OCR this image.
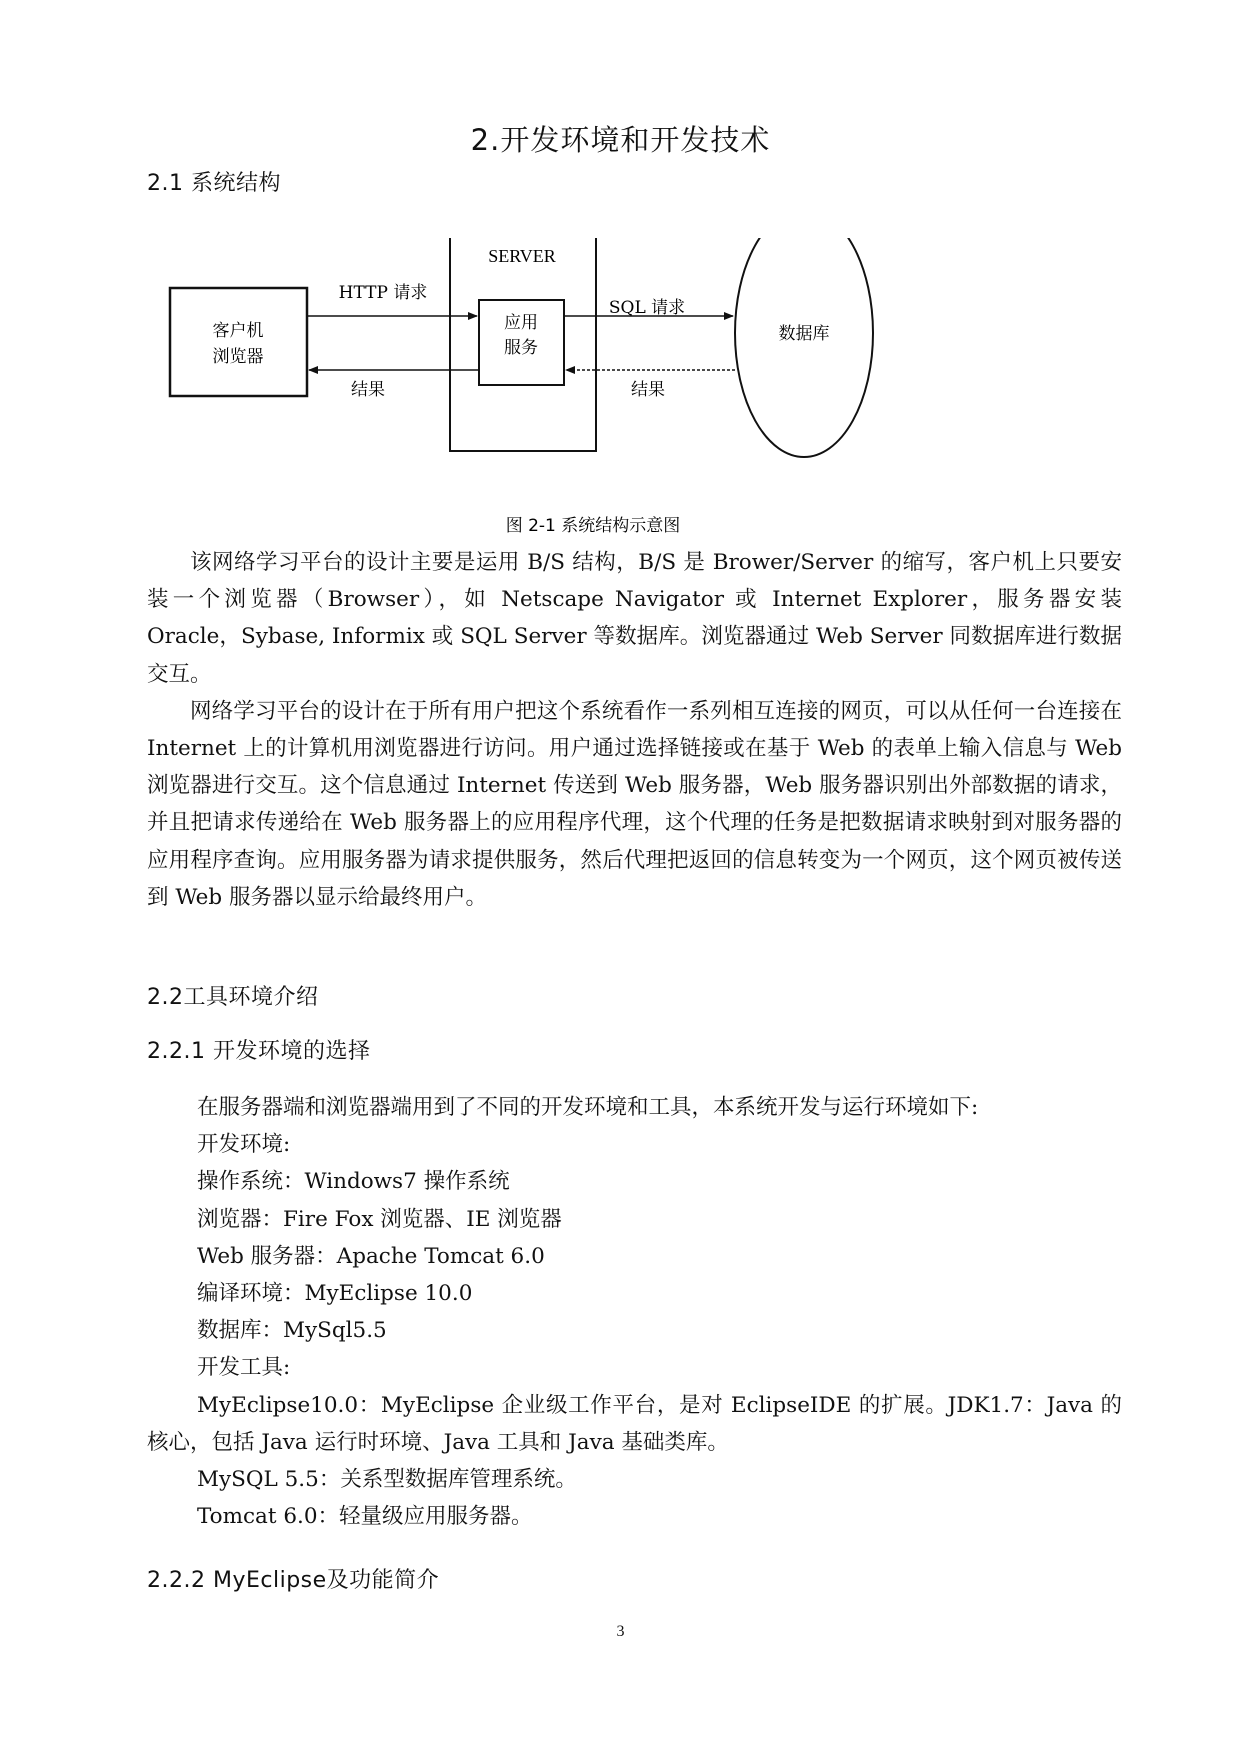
2.开发环境和开发技术
2.1 系统结构
客户机
浏览器
SERVER
应用
服务
数据库
HTTP 请求
结果
SQL 请求
结果
图 2-1 系统结构示意图

该网络学习平台的设计主要是运用 B/S 结构，B/S 是 Brower/Server 的缩写，客户机上只要安装一个浏览器（Browser），如 Netscape Navigator 或 Internet Explorer，服务器安装 Oracle，Sybase, Informix 或 SQL Server 等数据库。浏览器通过 Web Server 同数据库进行数据交互。

网络学习平台的设计在于所有用户把这个系统看作一系列相互连接的网页，可以从任何一台连接在 Internet 上的计算机用浏览器进行访问。用户通过选择链接或在基于 Web 的表单上输入信息与 Web 浏览器进行交互。这个信息通过 Internet 传送到 Web 服务器，Web 服务器识别出外部数据的请求，并且把请求传递给在 Web 服务器上的应用程序代理，这个代理的任务是把数据请求映射到对服务器的应用程序查询。应用服务器为请求提供服务，然后代理把返回的信息转变为一个网页，这个网页被传送到 Web 服务器以显示给最终用户。

2.2工具环境介绍
2.2.1 开发环境的选择
在服务器端和浏览器端用到了不同的开发环境和工具，本系统开发与运行环境如下:
开发环境:
操作系统：Windows7 操作系统
浏览器：Fire Fox 浏览器、IE 浏览器
Web 服务器：Apache Tomcat 6.0
编译环境：MyEclipse 10.0
数据库：MySql5.5
开发工具:
MyEclipse10.0：MyEclipse 企业级工作平台，是对 EclipseIDE 的扩展。JDK1.7：Java 的核心，包括 Java 运行时环境、Java 工具和 Java 基础类库。
MySQL 5.5：关系型数据库管理系统。
Tomcat 6.0：轻量级应用服务器。
2.2.2 MyEclipse及功能简介
3
